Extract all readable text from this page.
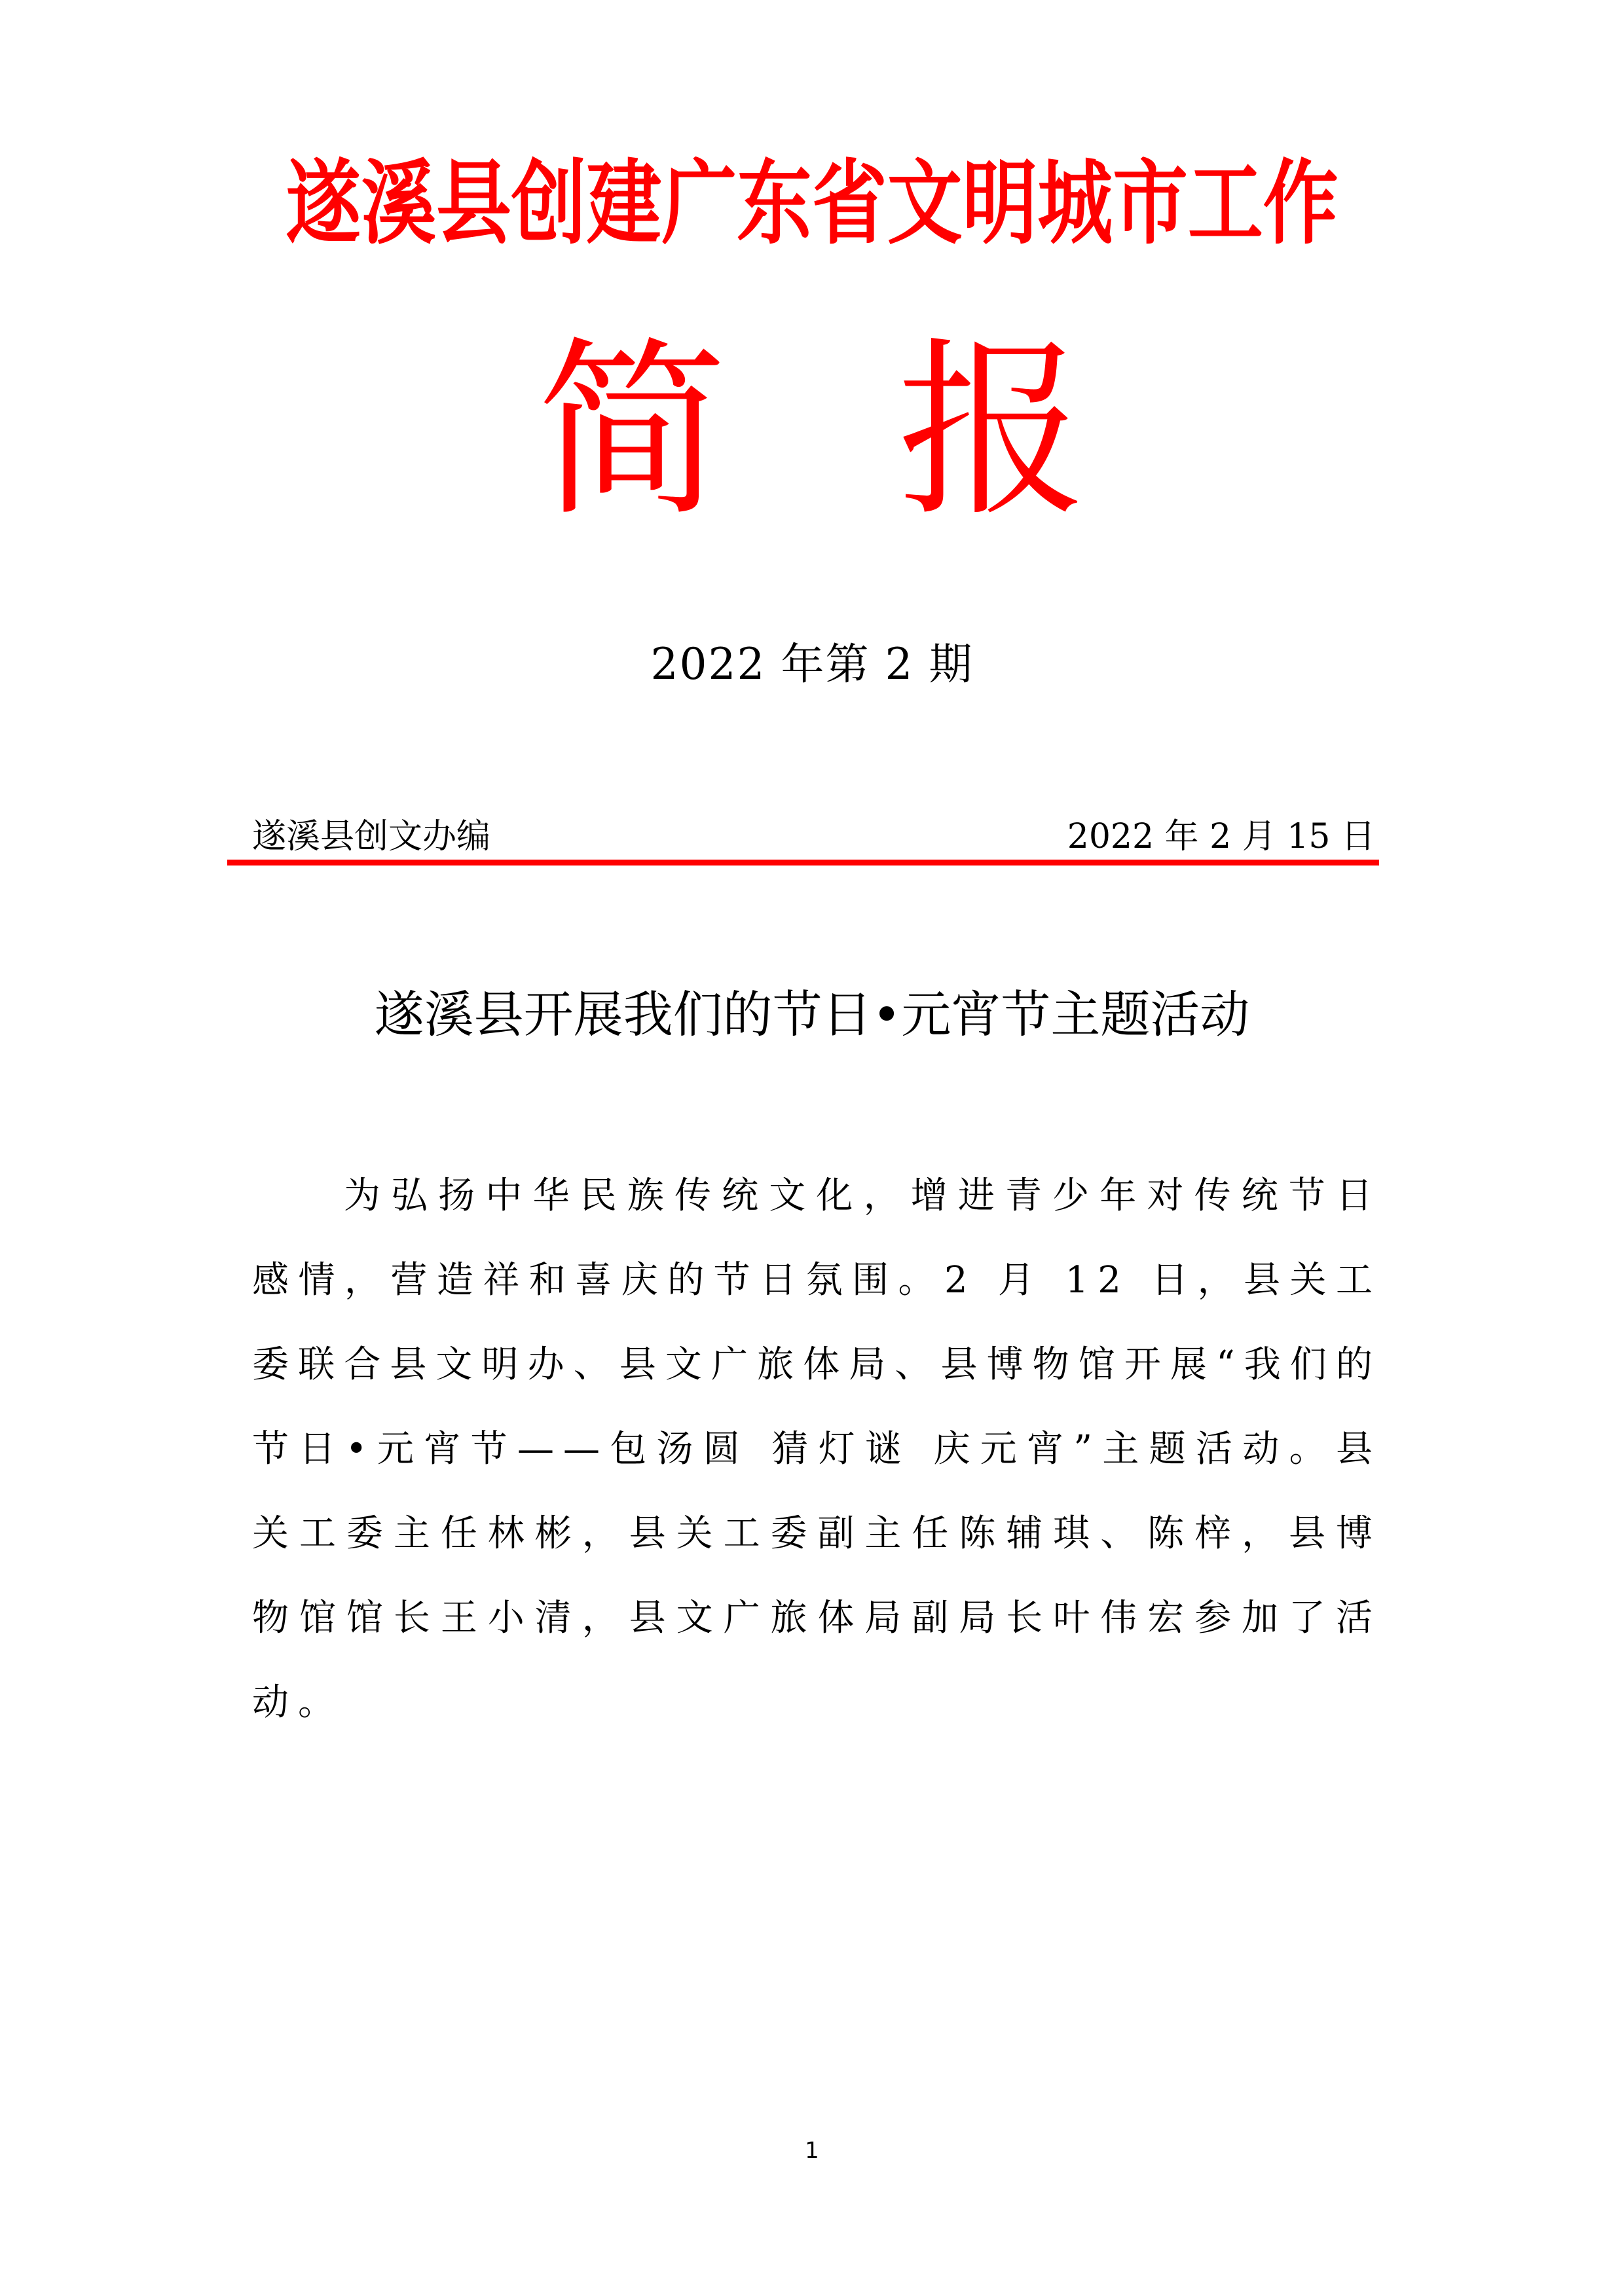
遂溪县创建广东省文明城市工作
简 报
2022 年第 2 期
遂溪县创文办编	2022 年 2 月 15 日
遂溪县开展我们的节日•元宵节主题活动

为弘扬中华民族传统文化，增进青少年对传统节日感情，营造祥和喜庆的节日氛围。2 月 12 日，县关工委联合县文明办、县文广旅体局、县博物馆开展“我们的节日•元宵节——包汤圆 猜灯谜 庆元宵”主题活动。县关工委主任林彬，县关工委副主任陈辅琪、陈梓，县博物馆馆长王小清，县文广旅体局副局长叶伟宏参加了活动。

1
